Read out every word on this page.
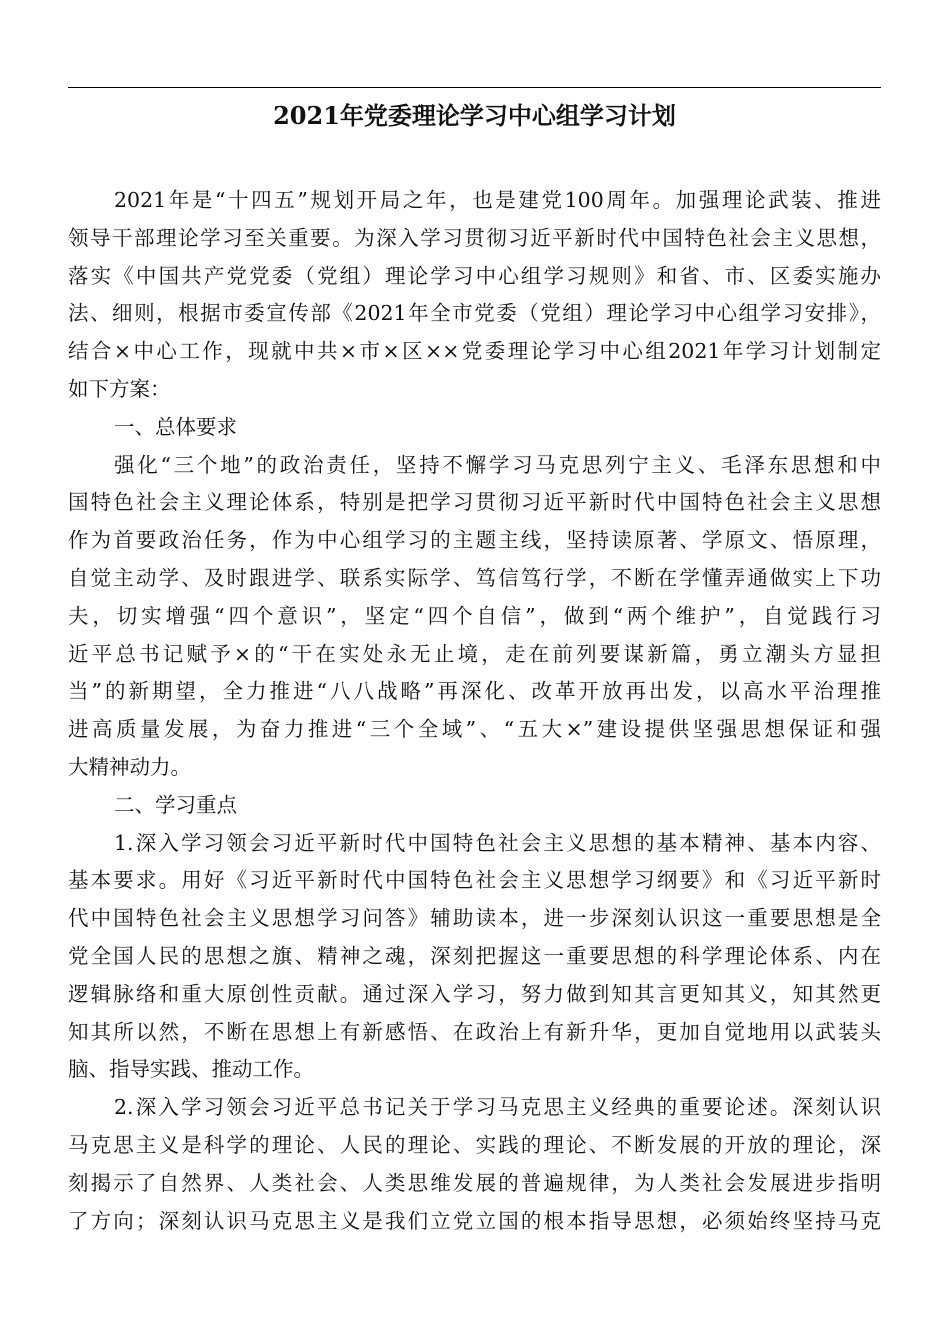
2021年党委理论学习中心组学习计划
2021年是“十四五”规划开局之年，也是建党100周年。加强理论武装、推进
领导干部理论学习至关重要。为深入学习贯彻习近平新时代中国特色社会主义思想，
落实《中国共产党党委（党组）理论学习中心组学习规则》和省、市、区委实施办
法、细则，根据市委宣传部《2021年全市党委（党组）理论学习中心组学习安排》，
结合×中心工作，现就中共×市×区××党委理论学习中心组2021年学习计划制定
如下方案：
一、总体要求
强化“三个地”的政治责任，坚持不懈学习马克思列宁主义、毛泽东思想和中
国特色社会主义理论体系，特别是把学习贯彻习近平新时代中国特色社会主义思想
作为首要政治任务，作为中心组学习的主题主线，坚持读原著、学原文、悟原理，
自觉主动学、及时跟进学、联系实际学、笃信笃行学，不断在学懂弄通做实上下功
夫，切实增强“四个意识”，坚定“四个自信”，做到“两个维护”，自觉践行习
近平总书记赋予×的“干在实处永无止境，走在前列要谋新篇，勇立潮头方显担
当”的新期望，全力推进“八八战略”再深化、改革开放再出发，以高水平治理推
进高质量发展，为奋力推进“三个全域”、“五大×”建设提供坚强思想保证和强
大精神动力。
二、学习重点
1.深入学习领会习近平新时代中国特色社会主义思想的基本精神、基本内容、
基本要求。用好《习近平新时代中国特色社会主义思想学习纲要》和《习近平新时
代中国特色社会主义思想学习问答》辅助读本，进一步深刻认识这一重要思想是全
党全国人民的思想之旗、精神之魂，深刻把握这一重要思想的科学理论体系、内在
逻辑脉络和重大原创性贡献。通过深入学习，努力做到知其言更知其义，知其然更
知其所以然，不断在思想上有新感悟、在政治上有新升华，更加自觉地用以武装头
脑、指导实践、推动工作。
2.深入学习领会习近平总书记关于学习马克思主义经典的重要论述。深刻认识
马克思主义是科学的理论、人民的理论、实践的理论、不断发展的开放的理论，深
刻揭示了自然界、人类社会、人类思维发展的普遍规律，为人类社会发展进步指明
了方向；深刻认识马克思主义是我们立党立国的根本指导思想，必须始终坚持马克
